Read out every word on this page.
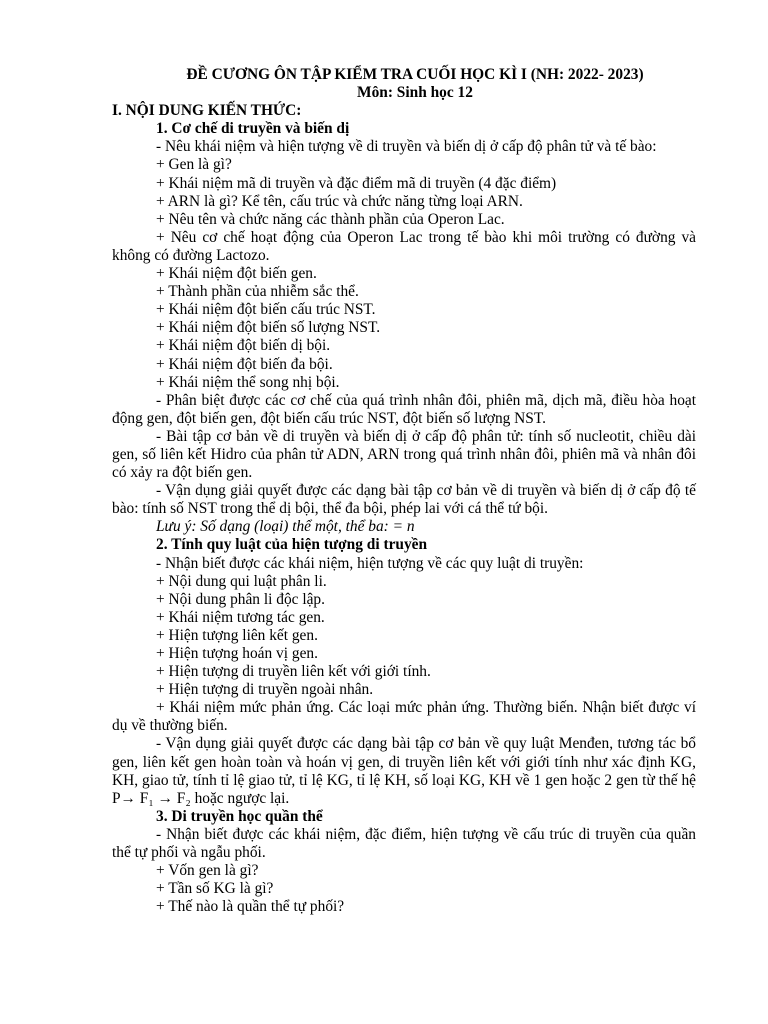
ĐỀ CƯƠNG ÔN TẬP KIỂM TRA CUỐI HỌC KÌ I (NH: 2022- 2023)
Môn: Sinh học 12
I. NỘI DUNG KIẾN THỨC:
1. Cơ chế di truyền và biến dị
- Nêu khái niệm và hiện tượng về di truyền và biến dị ở cấp độ phân tử và tế bào:
+ Gen là gì?
+ Khái niệm mã di truyền và đặc điểm mã di truyền (4 đặc điểm)
+ ARN là gì? Kể tên, cấu trúc và chức năng từng loại ARN.
+ Nêu tên và chức năng các thành phần của Operon Lac.
+ Nêu cơ chế hoạt động của Operon Lac trong tế bào khi môi trường có đường và không có đường Lactozo.
+ Khái niệm đột biến gen.
+ Thành phần của nhiễm sắc thể.
+ Khái niệm đột biến cấu trúc NST.
+ Khái niệm đột biến số lượng NST.
+ Khái niệm đột biến dị bội.
+ Khái niệm đột biến đa bội.
+ Khái niệm thể song nhị bội.
- Phân biệt được các cơ chế của quá trình nhân đôi, phiên mã, dịch mã, điều hòa hoạt động gen, đột biến gen, đột biến cấu trúc NST, đột biến số lượng NST.
- Bài tập cơ bản về di truyền và biến dị ở cấp độ phân tử: tính số nucleotit, chiều dài gen, số liên kết Hidro của phân tử ADN, ARN trong quá trình nhân đôi, phiên mã và nhân đôi có xảy ra đột biến gen.
- Vận dụng giải quyết được các dạng bài tập cơ bản về di truyền và biến dị ở cấp độ tế bào: tính số NST trong thể dị bội, thể đa bội, phép lai với cá thể tứ bội.
Lưu ý: Số dạng (loại) thể một, thể ba: = n
2. Tính quy luật của hiện tượng di truyền
- Nhận biết được các khái niệm, hiện tượng về các quy luật di truyền:
+ Nội dung qui luật phân li.
+ Nội dung phân li độc lập.
+ Khái niệm tương tác gen.
+ Hiện tượng liên kết gen.
+ Hiện tượng hoán vị gen.
+ Hiện tượng di truyền liên kết với giới tính.
+ Hiện tượng di truyền ngoài nhân.
+ Khái niệm mức phản ứng. Các loại mức phản ứng. Thường biến. Nhận biết được ví dụ về thường biến.
- Vận dụng giải quyết được các dạng bài tập cơ bản về quy luật Menđen, tương tác bổ gen, liên kết gen hoàn toàn và hoán vị gen, di truyền liên kết với giới tính như xác định KG, KH, giao tử, tính tỉ lệ giao tử, tỉ lệ KG, tỉ lệ KH, số loại KG, KH về 1 gen hoặc 2 gen từ thế hệ P→ F₁ → F₂ hoặc ngược lại.
3. Di truyền học quần thể
- Nhận biết được các khái niệm, đặc điểm, hiện tượng về cấu trúc di truyền của quần thể tự phối và ngẫu phối.
+ Vốn gen là gì?
+ Tần số KG là gì?
+ Thế nào là quần thể tự phối?
